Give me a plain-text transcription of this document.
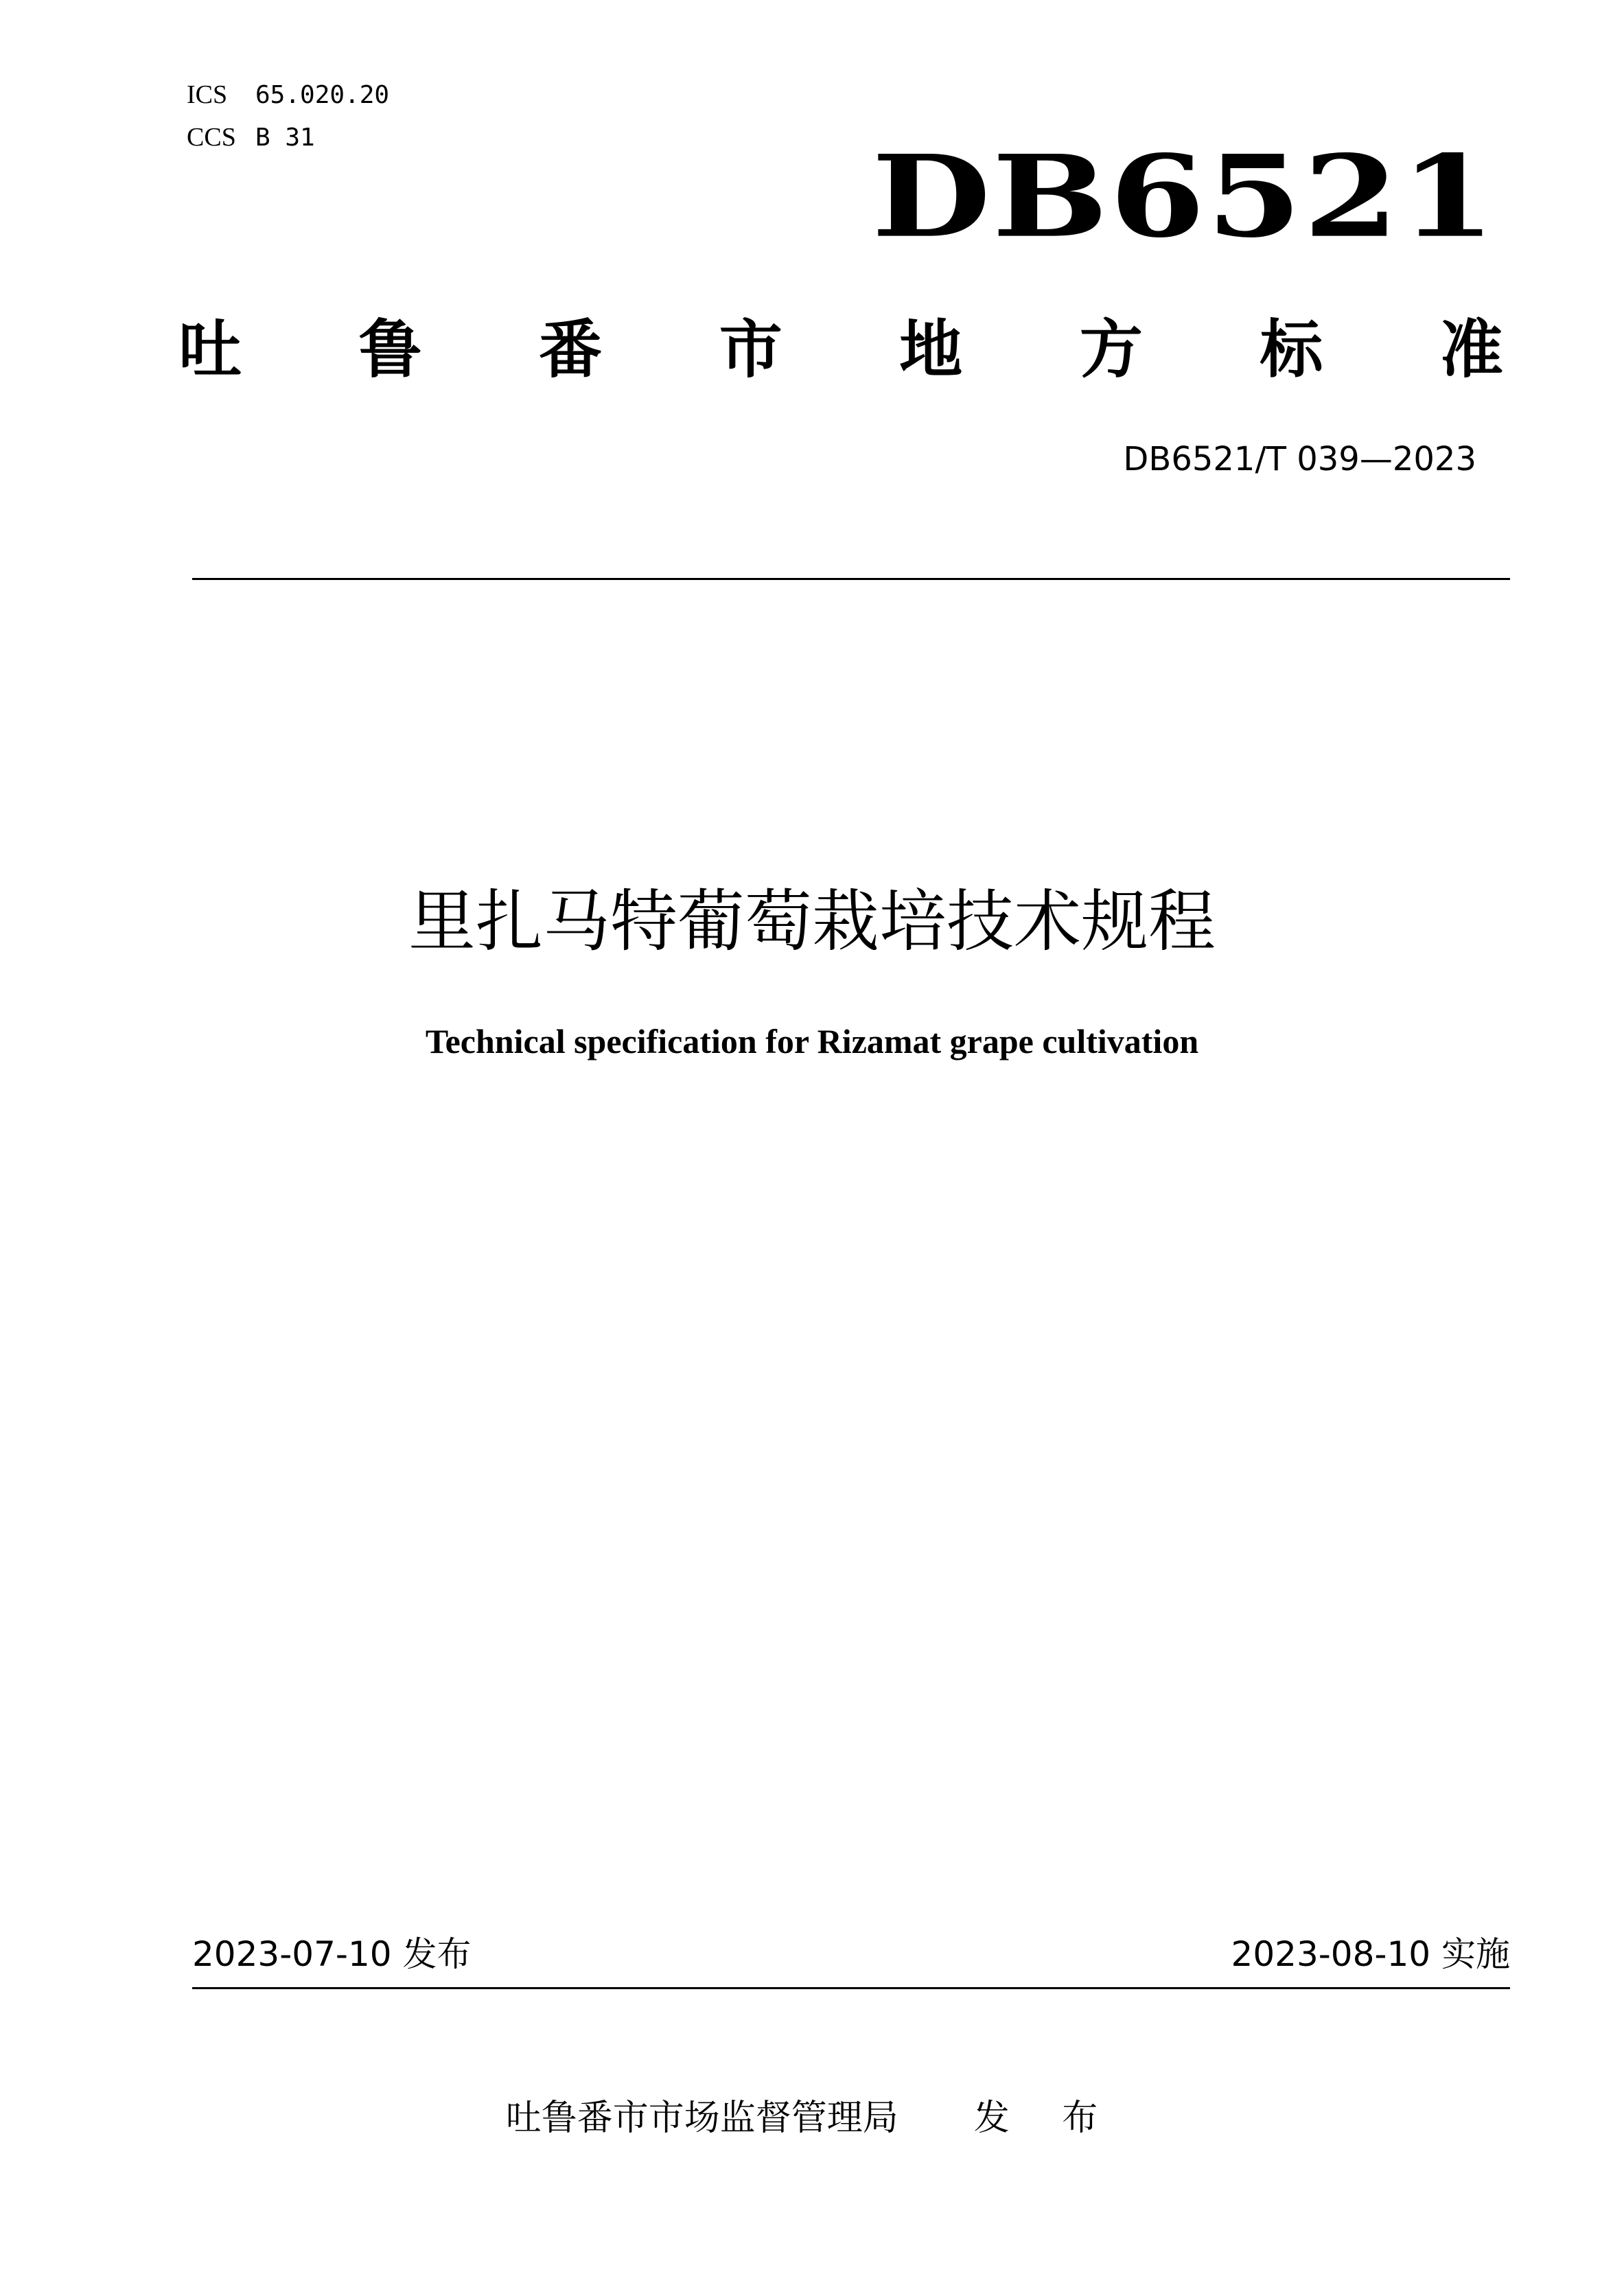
ICS 65.020.20
CCS B 31	DB6521
吐 鲁 番 市 地 方 标 准
DB6521/T 039—2023
里扎马特葡萄栽培技术规程
Technical specification for Rizamat grape cultivation
2023-07-10 发布	2023-08-10 实施
吐鲁番市市场监督管理局 发 布
